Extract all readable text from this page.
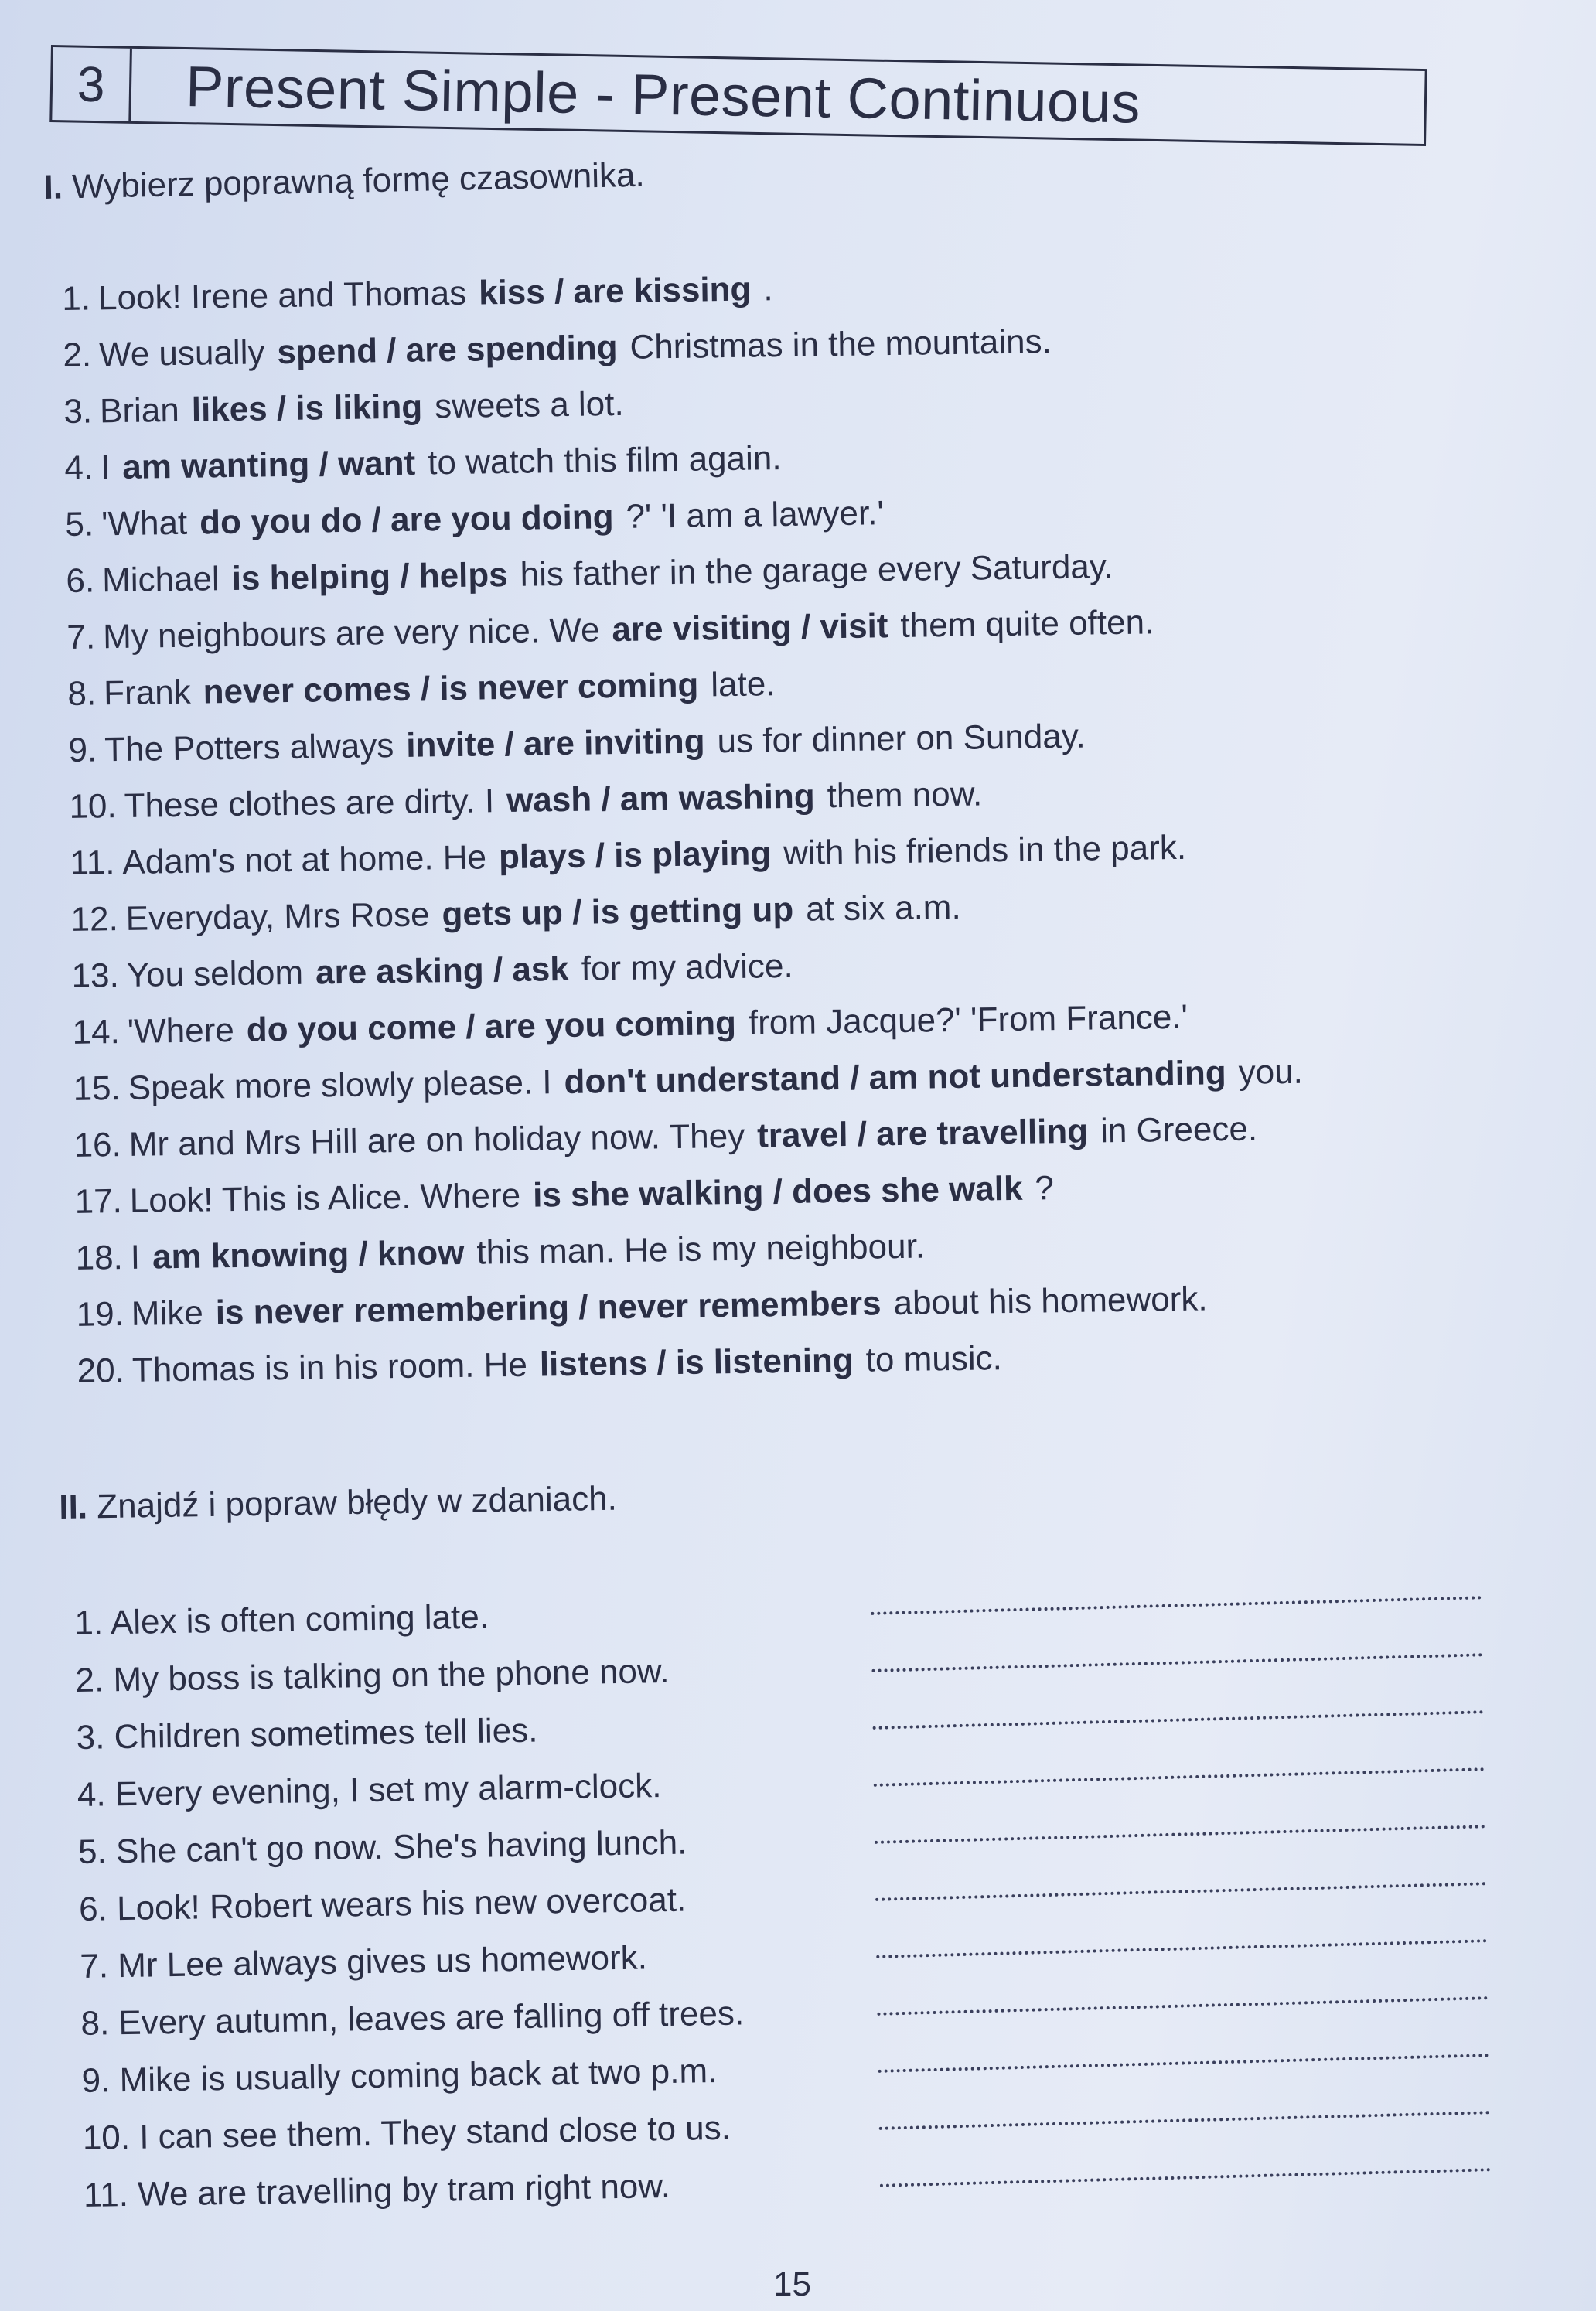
3	Present Simple - Present Continuous
I. Wybierz poprawną formę czasownika.
1. Look! Irene and Thomas kiss / are kissing .
2. We usually spend / are spending Christmas in the mountains.
3. Brian likes / is liking sweets a lot.
4. I am wanting / want to watch this film again.
5. 'What do you do / are you doing ?' 'I am a lawyer.'
6. Michael is helping / helps his father in the garage every Saturday.
7. My neighbours are very nice. We are visiting / visit them quite often.
8. Frank never comes / is never coming late.
9. The Potters always invite / are inviting us for dinner on Sunday.
10. These clothes are dirty. I wash / am washing them now.
11. Adam's not at home. He plays / is playing with his friends in the park.
12. Everyday, Mrs Rose gets up / is getting up at six a.m.
13. You seldom are asking / ask for my advice.
14. 'Where do you come / are you coming from Jacque?' 'From France.'
15. Speak more slowly please. I don't understand / am not understanding you.
16. Mr and Mrs Hill are on holiday now. They travel / are travelling in Greece.
17. Look! This is Alice. Where is she walking / does she walk ?
18. I am knowing / know this man. He is my neighbour.
19. Mike is never remembering / never remembers about his homework.
20. Thomas is in his room. He listens / is listening to music.
II. Znajdź i popraw błędy w zdaniach.
1. Alex is often coming late.
2. My boss is talking on the phone now.
3. Children sometimes tell lies.
4. Every evening, I set my alarm-clock.
5. She can't go now. She's having lunch.
6. Look! Robert wears his new overcoat.
7. Mr Lee always gives us homework.
8. Every autumn, leaves are falling off trees.
9. Mike is usually coming back at two p.m.
10. I can see them. They stand close to us.
11. We are travelling by tram right now.
15
